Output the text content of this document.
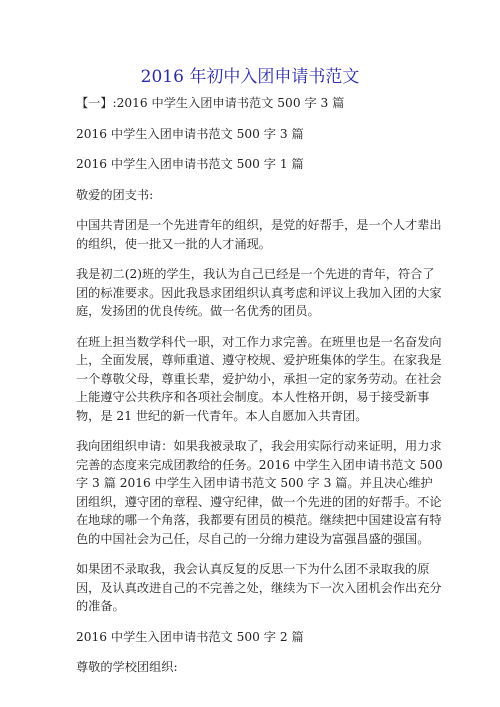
2016 年初中入团申请书范文

【一】:2016 中学生入团申请书范文 500 字 3 篇

2016 中学生入团申请书范文 500 字 3 篇

2016 中学生入团申请书范文 500 字 1 篇

敬爱的团支书:

中国共青团是一个先进青年的组织，是党的好帮手，是一个人才辈出的组织，使一批又一批的人才涌现。

我是初二(2)班的学生，我认为自己已经是一个先进的青年，符合了团的标准要求。因此我恳求团组织认真考虑和评议上我加入团的大家庭，发扬团的优良传统。做一名优秀的团员。

在班上担当数学科代一职，对工作力求完善。在班里也是一名奋发向上，全面发展，尊师重道、遵守校规、爱护班集体的学生。在家我是一个尊敬父母，尊重长辈，爱护幼小，承担一定的家务劳动。在社会上能遵守公共秩序和各项社会制度。本人性格开朗，易于接受新事物，是 21 世纪的新一代青年。本人自愿加入共青团。

我向团组织申请：如果我被录取了，我会用实际行动来证明，用力求完善的态度来完成团教给的任务。2016 中学生入团申请书范文 500 字 3 篇 2016 中学生入团申请书范文 500 字 3 篇。并且决心维护团组织，遵守团的章程、遵守纪律，做一个先进的团的好帮手。不论在地球的哪一个角落，我都要有团员的模范。继续把中国建设富有特色的中国社会为己任，尽自己的一分绵力建设为富强昌盛的强国。

如果团不录取我，我会认真反复的反思一下为什么团不录取我的原因，及认真改进自己的不完善之处，继续为下一次入团机会作出充分的准备。

2016 中学生入团申请书范文 500 字 2 篇

尊敬的学校团组织:
